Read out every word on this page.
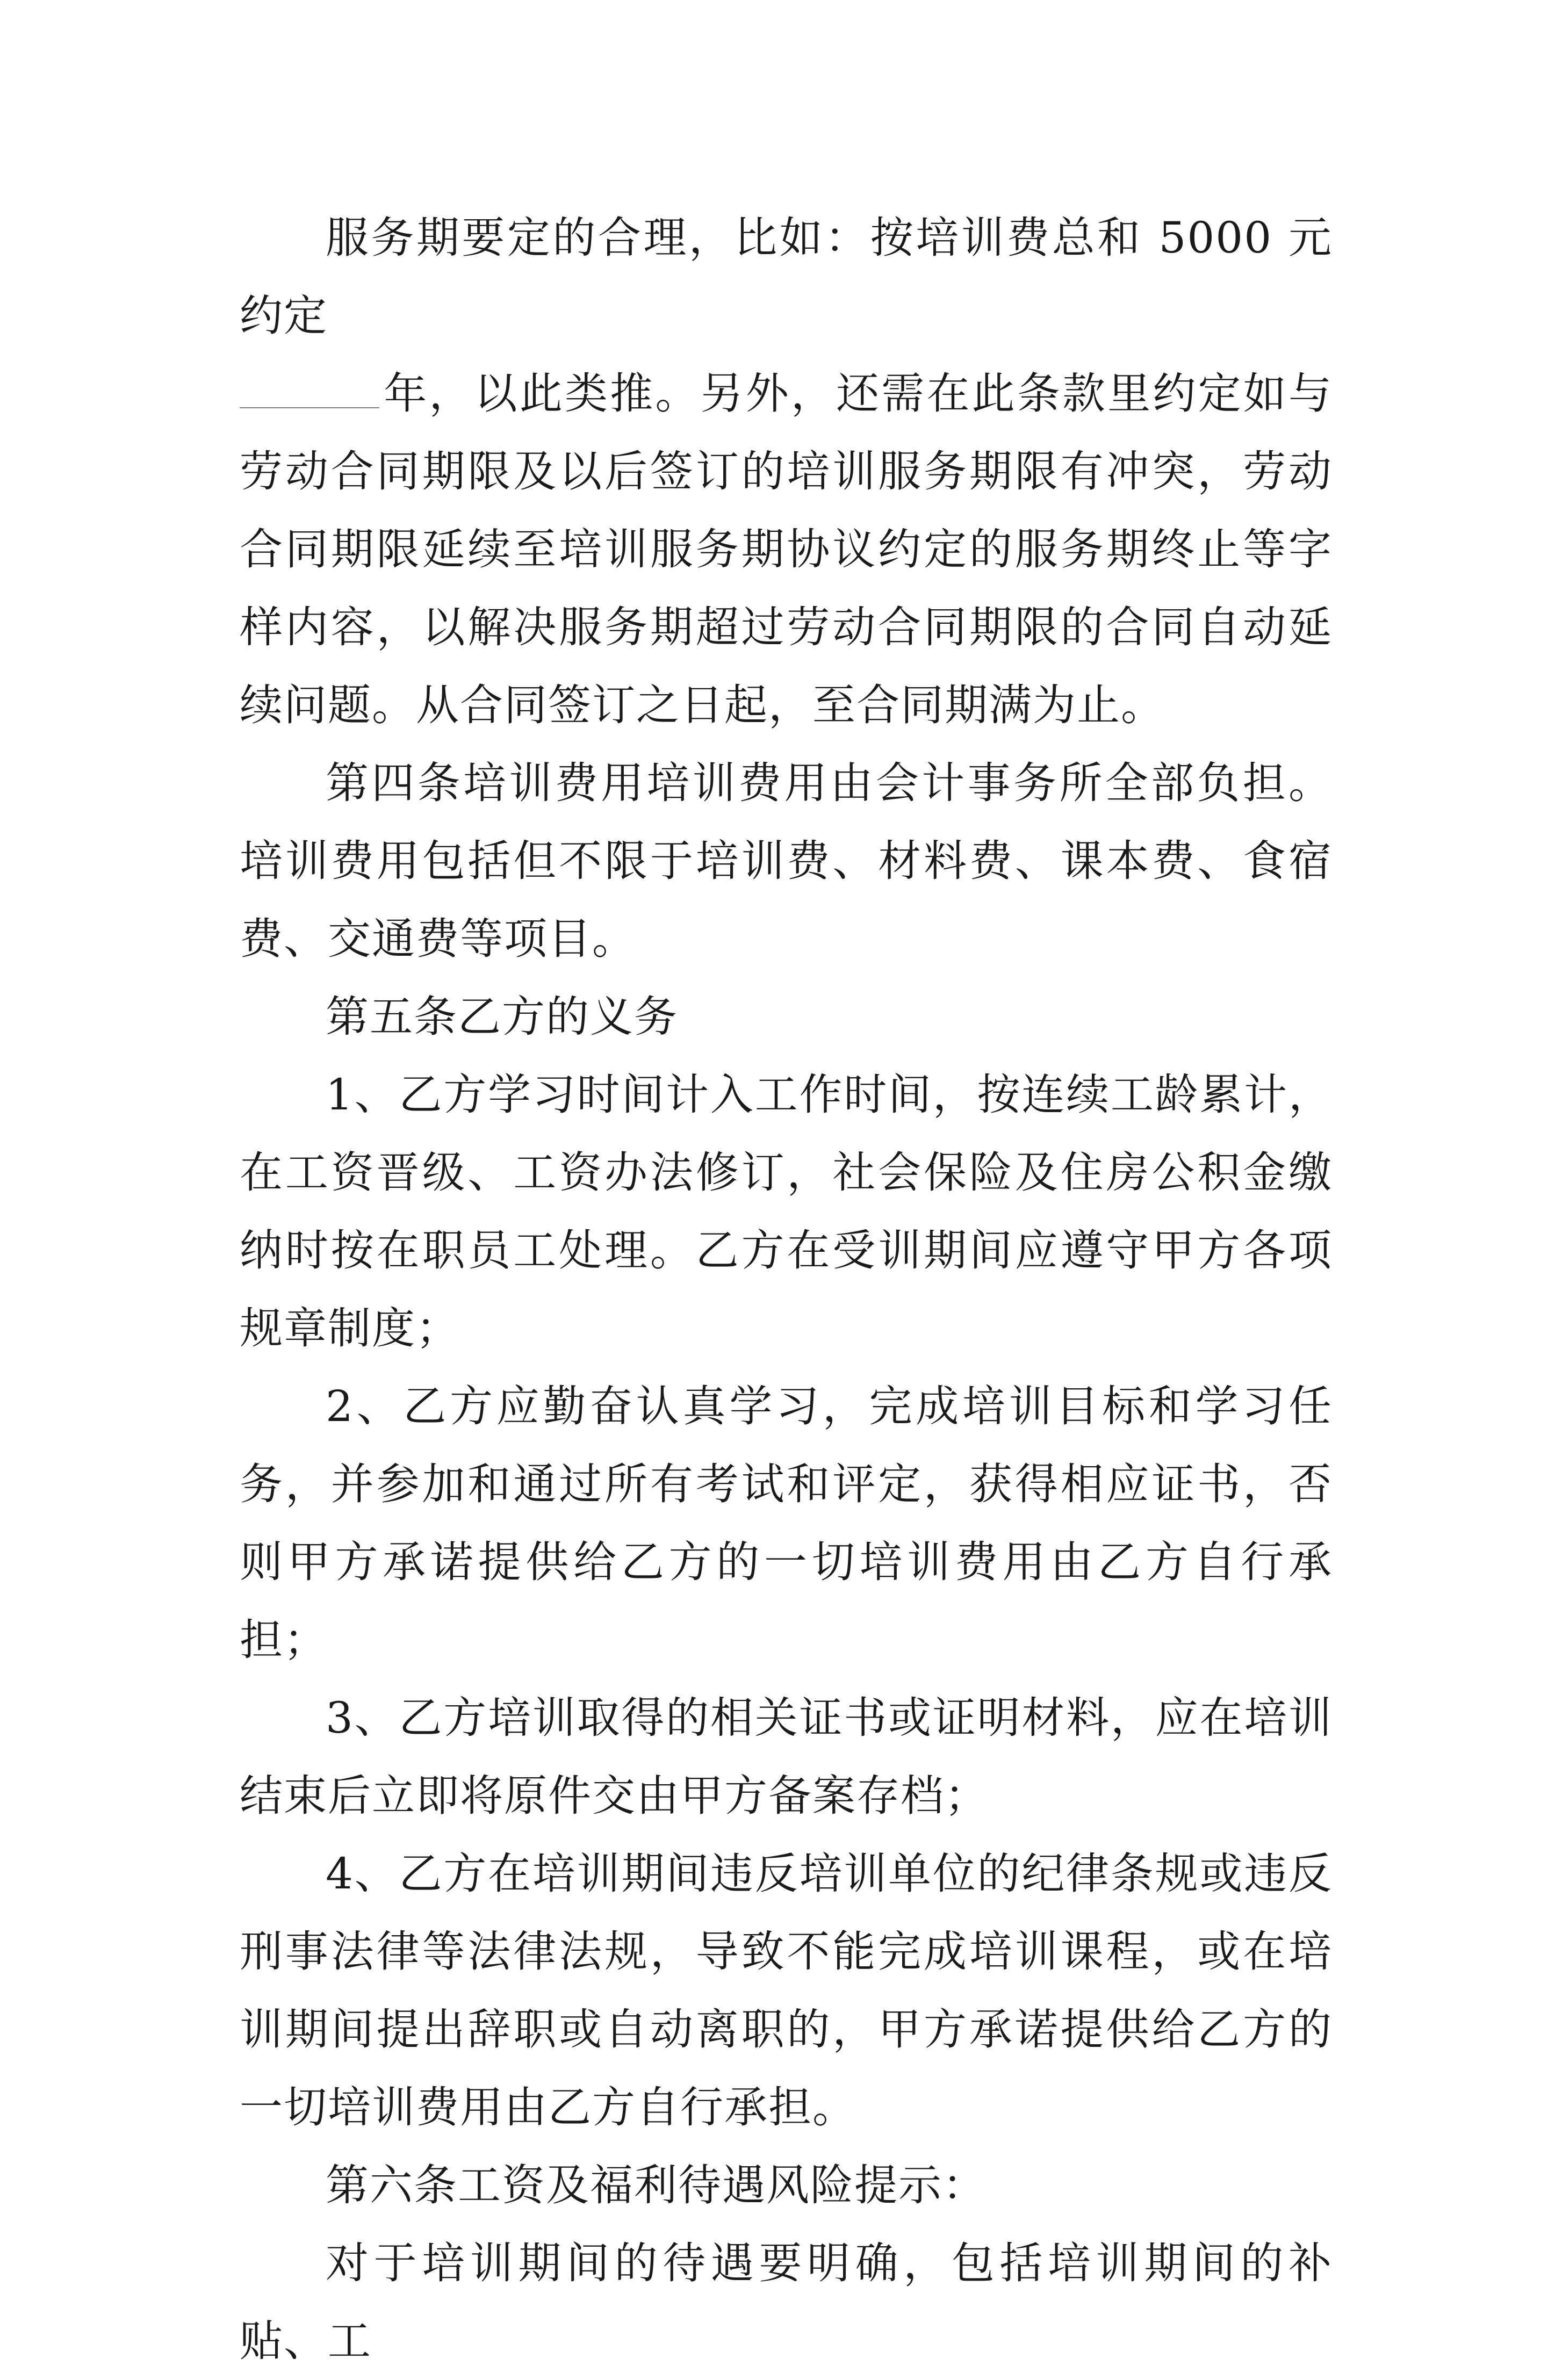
服务期要定的合理，比如：按培训费总和 5000 元约定
年，以此类推。另外，还需在此条款里约定如与劳动合同期限及以后签订的培训服务期限有冲突，劳动合同期限延续至培训服务期协议约定的服务期终止等字样内容，以解决服务期超过劳动合同期限的合同自动延续问题。从合同签订之日起，至合同期满为止。

第四条培训费用培训费用由会计事务所全部负担。培训费用包括但不限于培训费、材料费、课本费、食宿费、交通费等项目。

第五条乙方的义务

1、乙方学习时间计入工作时间，按连续工龄累计，在工资晋级、工资办法修订，社会保险及住房公积金缴纳时按在职员工处理。乙方在受训期间应遵守甲方各项规章制度；

2、乙方应勤奋认真学习，完成培训目标和学习任务，并参加和通过所有考试和评定，获得相应证书，否则甲方承诺提供给乙方的一切培训费用由乙方自行承担；

3、乙方培训取得的相关证书或证明材料，应在培训结束后立即将原件交由甲方备案存档；

4、乙方在培训期间违反培训单位的纪律条规或违反刑事法律等法律法规，导致不能完成培训课程，或在培训期间提出辞职或自动离职的，甲方承诺提供给乙方的一切培训费用由乙方自行承担。

第六条工资及福利待遇风险提示：

对于培训期间的待遇要明确，包括培训期间的补贴、工
